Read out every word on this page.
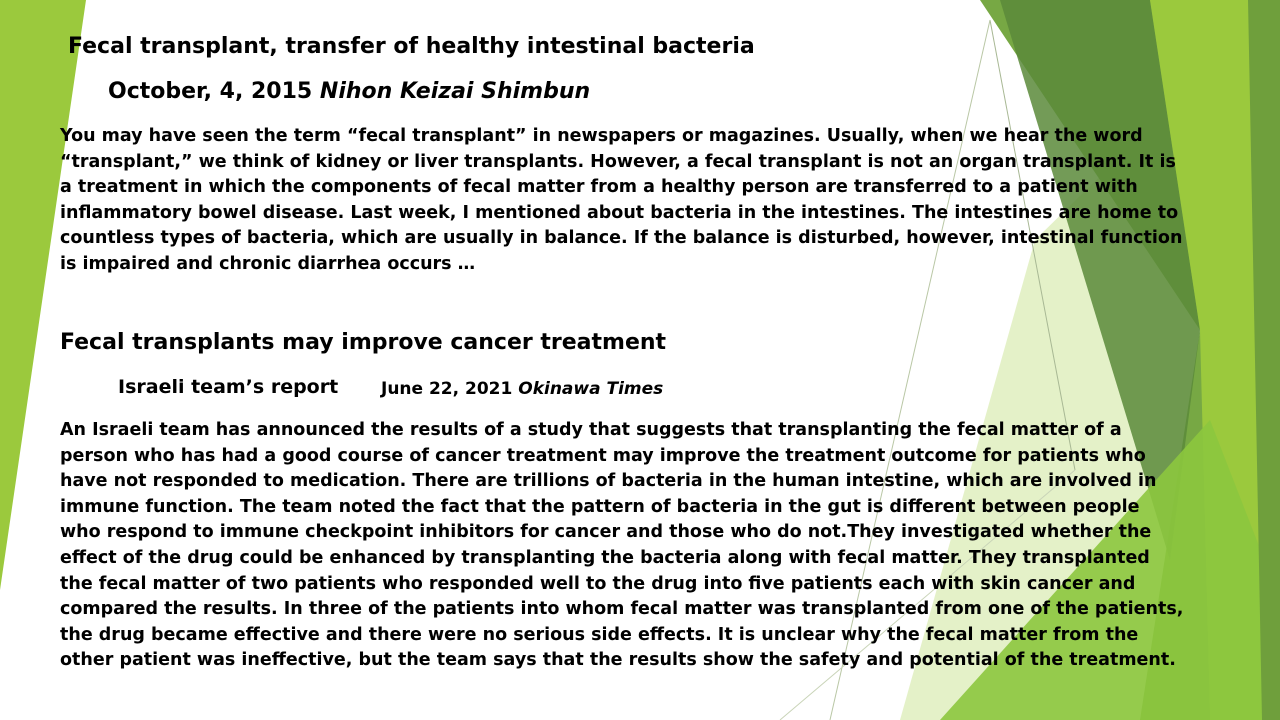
Fecal transplant, transfer of healthy intestinal bacteria

October, 4, 2015 Nihon Keizai Shimbun

You may have seen the term “fecal transplant” in newspapers or magazines. Usually, when we hear the word “transplant,” we think of kidney or liver transplants. However, a fecal transplant is not an organ transplant. It is a treatment in which the components of fecal matter from a healthy person are transferred to a patient with inflammatory bowel disease. Last week, I mentioned about bacteria in the intestines. The intestines are home to countless types of bacteria, which are usually in balance. If the balance is disturbed, however, intestinal function is impaired and chronic diarrhea occurs …

Fecal transplants may improve cancer treatment

Israeli team’s report	June 22, 2021 Okinawa Times

An Israeli team has announced the results of a study that suggests that transplanting the fecal matter of a person who has had a good course of cancer treatment may improve the treatment outcome for patients who have not responded to medication. There are trillions of bacteria in the human intestine, which are involved in immune function. The team noted the fact that the pattern of bacteria in the gut is different between people who respond to immune checkpoint inhibitors for cancer and those who do not.They investigated whether the effect of the drug could be enhanced by transplanting the bacteria along with fecal matter. They transplanted the fecal matter of two patients who responded well to the drug into five patients each with skin cancer and compared the results. In three of the patients into whom fecal matter was transplanted from one of the patients, the drug became effective and there were no serious side effects. It is unclear why the fecal matter from the other patient was ineffective, but the team says that the results show the safety and potential of the treatment.
